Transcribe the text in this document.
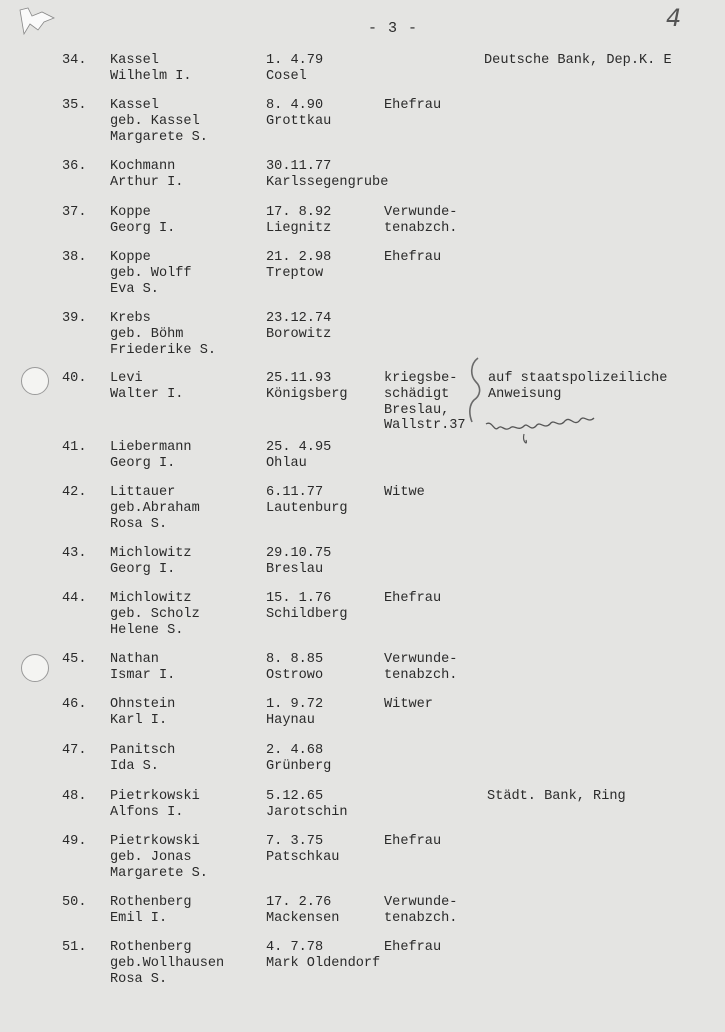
- 3 -	4
34. Kassel
Wilhelm I.
1. 4.79
Cosel
Deutsche Bank, Dep.K. E
35. Kassel
geb. Kassel
Margarete S.
8. 4.90
Grottkau
Ehefrau
36. Kochmann
Arthur I.
30.11.77
Karlssegengrube
37. Koppe
Georg I.
17. 8.92
Liegnitz
Verwunde-
tenabzch.
38. Koppe
geb. Wolff
Eva S.
21. 2.98
Treptow
Ehefrau
39. Krebs
geb. Böhm
Friederike S.
23.12.74
Borowitz
40. Levi
Walter I.
25.11.93
Königsberg
kriegsbe-
schädigt
Breslau,
Wallstr.37
auf staatspolizeiliche
Anweisung
41. Liebermann
Georg I.
25. 4.95
Ohlau
42. Littauer
geb.Abraham
Rosa S.
6.11.77
Lautenburg
Witwe
43. Michlowitz
Georg I.
29.10.75
Breslau
44. Michlowitz
geb. Scholz
Helene S.
15. 1.76
Schildberg
Ehefrau
45. Nathan
Ismar I.
8. 8.85
Ostrowo
Verwunde-
tenabzch.
46. Ohnstein
Karl I.
1. 9.72
Haynau
Witwer
47. Panitsch
Ida S.
2. 4.68
Grünberg
48. Pietrkowski
Alfons I.
5.12.65
Jarotschin
Städt. Bank, Ring
49. Pietrkowski
geb. Jonas
Margarete S.
7. 3.75
Patschkau
Ehefrau
50. Rothenberg
Emil I.
17. 2.76
Mackensen
Verwunde-
tenabzch.
51. Rothenberg
geb.Wollhausen
Rosa S.
4. 7.78
Mark Oldendorf
Ehefrau
